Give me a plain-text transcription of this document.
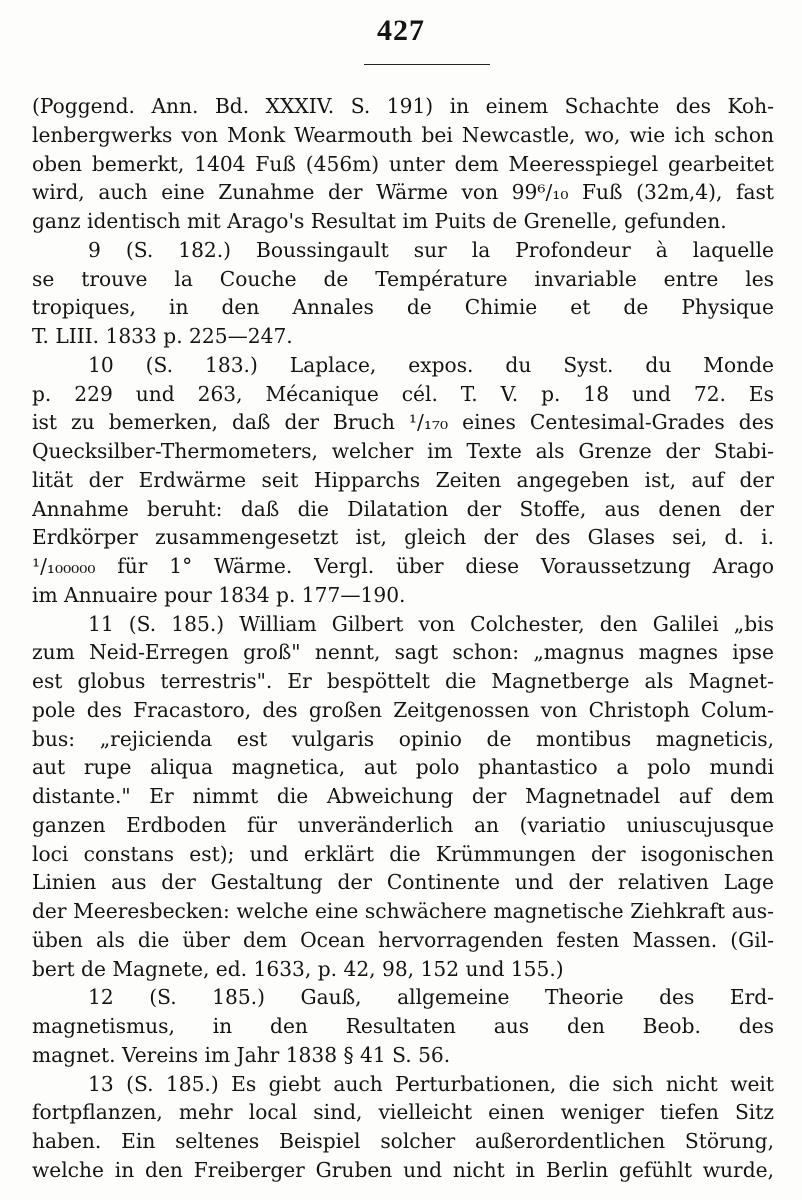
427
(Poggend. Ann. Bd. XXXIV. S. 191) in einem Schachte des Koh-
lenbergwerks von Monk Wearmouth bei Newcastle, wo, wie ich schon
oben bemerkt, 1404 Fuß (456m) unter dem Meeresspiegel gearbeitet
wird, auch eine Zunahme der Wärme von 99⁶/₁₀ Fuß (32m,4), fast
ganz identisch mit Arago's Resultat im Puits de Grenelle, gefunden.
9 (S. 182.) Boussingault sur la Profondeur à laquelle
se trouve la Couche de Température invariable entre les
tropiques, in den Annales de Chimie et de Physique
T. LIII. 1833 p. 225—247.
10 (S. 183.) Laplace, expos. du Syst. du Monde
p. 229 und 263, Mécanique cél. T. V. p. 18 und 72. Es
ist zu bemerken, daß der Bruch ¹/₁₇₀ eines Centesimal-Grades des
Quecksilber-Thermometers, welcher im Texte als Grenze der Stabi-
lität der Erdwärme seit Hipparchs Zeiten angegeben ist, auf der
Annahme beruht: daß die Dilatation der Stoffe, aus denen der
Erdkörper zusammengesetzt ist, gleich der des Glases sei, d. i.
¹/₁₀₀₀₀₀ für 1° Wärme. Vergl. über diese Voraussetzung Arago
im Annuaire pour 1834 p. 177—190.
11 (S. 185.) William Gilbert von Colchester, den Galilei „bis
zum Neid-Erregen groß" nennt, sagt schon: „magnus magnes ipse
est globus terrestris". Er bespöttelt die Magnetberge als Magnet-
pole des Fracastoro, des großen Zeitgenossen von Christoph Colum-
bus: „rejicienda est vulgaris opinio de montibus magneticis,
aut rupe aliqua magnetica, aut polo phantastico a polo mundi
distante." Er nimmt die Abweichung der Magnetnadel auf dem
ganzen Erdboden für unveränderlich an (variatio uniuscujusque
loci constans est); und erklärt die Krümmungen der isogonischen
Linien aus der Gestaltung der Continente und der relativen Lage
der Meeresbecken: welche eine schwächere magnetische Ziehkraft aus-
üben als die über dem Ocean hervorragenden festen Massen. (Gil-
bert de Magnete, ed. 1633, p. 42, 98, 152 und 155.)
12 (S. 185.) Gauß, allgemeine Theorie des Erd-
magnetismus, in den Resultaten aus den Beob. des
magnet. Vereins im Jahr 1838 § 41 S. 56.
13 (S. 185.) Es giebt auch Perturbationen, die sich nicht weit
fortpflanzen, mehr local sind, vielleicht einen weniger tiefen Sitz
haben. Ein seltenes Beispiel solcher außerordentlichen Störung,
welche in den Freiberger Gruben und nicht in Berlin gefühlt wurde,
